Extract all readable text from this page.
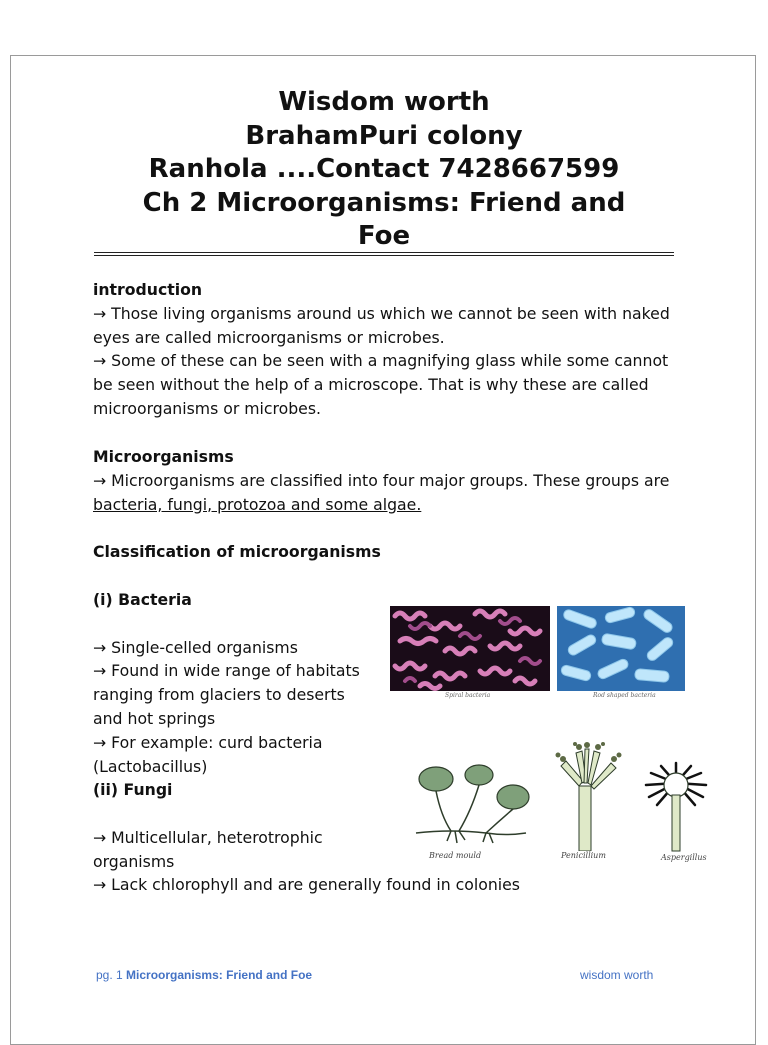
Wisdom worth
BrahamPuri colony
Ranhola ....Contact 7428667599
Ch 2 Microorganisms: Friend and
Foe
introduction
→ Those living organisms around us which we cannot be seen with naked eyes are called microorganisms or microbes.
→ Some of these can be seen with a magnifying glass while some cannot be seen without the help of a microscope. That is why these are called microorganisms or microbes.
Microorganisms
→ Microorganisms are classified into four major groups. These groups are bacteria, fungi, protozoa and some algae.
Classification of microorganisms
(i) Bacteria
→ Single-celled organisms
→ Found in wide range of habitats ranging from glaciers to deserts and hot springs
→ For example: curd bacteria (Lactobacillus)
(ii) Fungi
→ Multicellular, heterotrophic organisms
→ Lack chlorophyll and are generally found in colonies
Spiral bacteria	Rod shaped bacteria
Bread mould	Penicillium	Aspergillus
pg. 1 Microorganisms: Friend and Foe	wisdom worth
